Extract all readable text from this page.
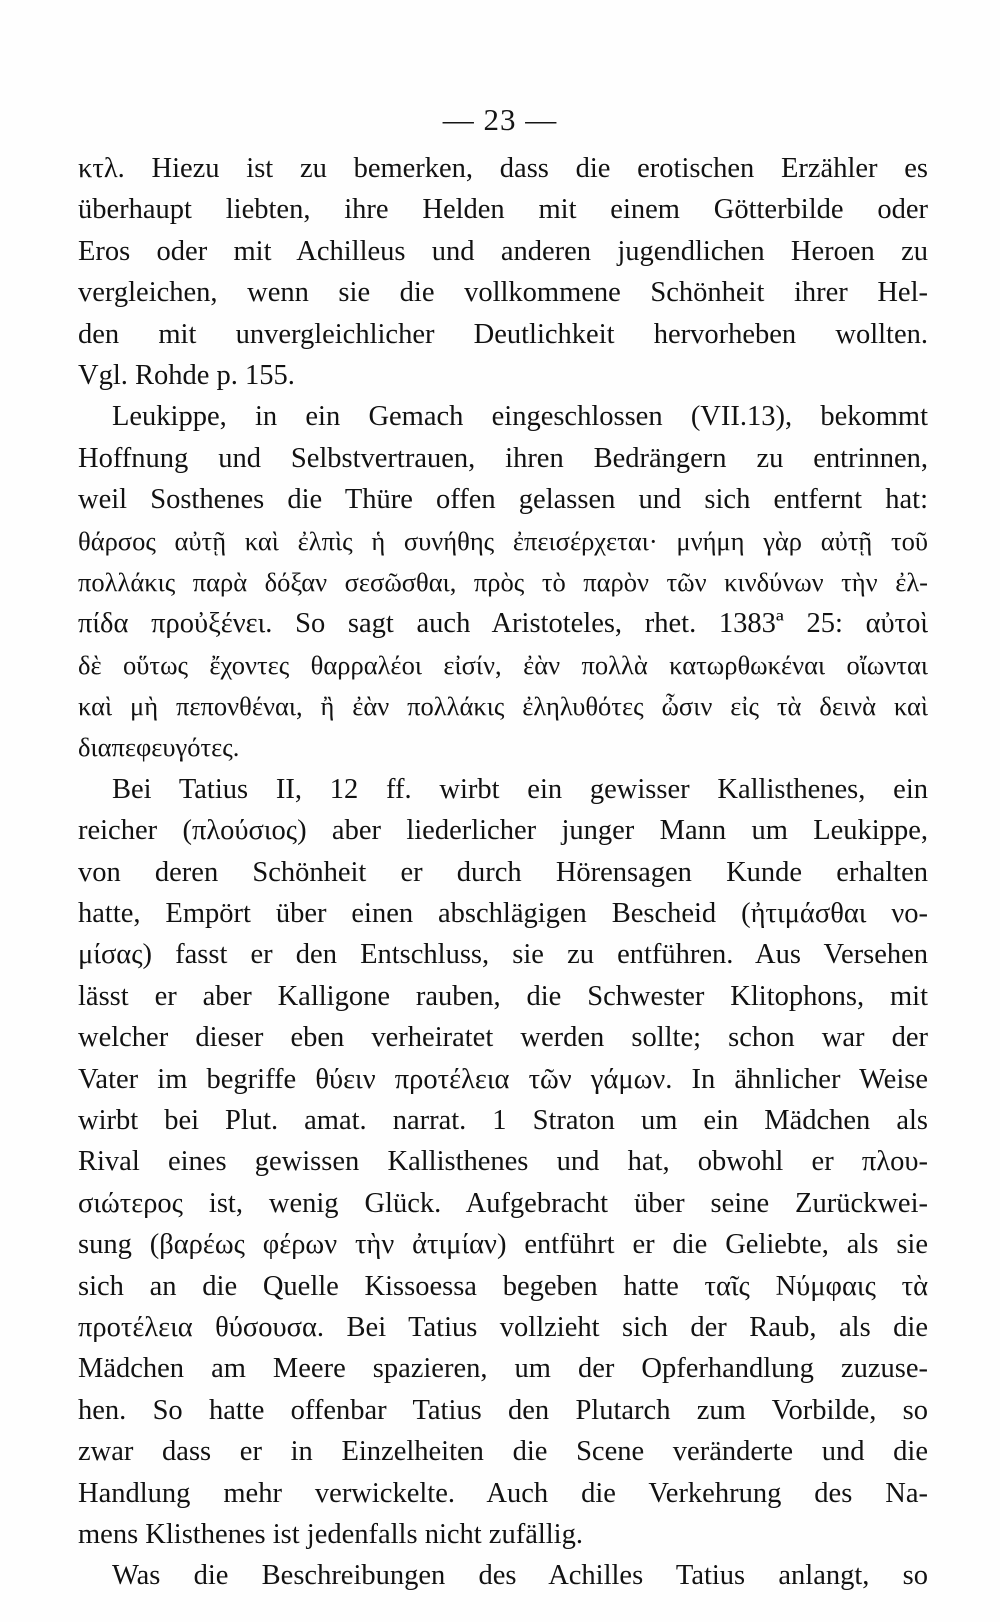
— 23 —
κτλ. Hiezu ist zu bemerken, dass die erotischen Erzähler es
überhaupt liebten, ihre Helden mit einem Götterbilde oder
Eros oder mit Achilleus und anderen jugendlichen Heroen zu
vergleichen, wenn sie die vollkommene Schönheit ihrer Hel-
den mit unvergleichlicher Deutlichkeit hervorheben wollten.
Vgl. Rohde p. 155.
Leukippe, in ein Gemach eingeschlossen (VII.13), bekommt
Hoffnung und Selbstvertrauen, ihren Bedrängern zu entrinnen,
weil Sosthenes die Thüre offen gelassen und sich entfernt hat:
θάρσος αὐτῇ καὶ ἐλπὶς ἡ συνήθης ἐπεισέρχεται· μνήμη γὰρ αὐτῇ τοῦ
πολλάκις παρὰ δόξαν σεσῶσθαι, πρὸς τὸ παρὸν τῶν κινδύνων τὴν ἐλ-
πίδα προὐξένει. So sagt auch Aristoteles, rhet. 1383ª 25: αὐτοὶ
δὲ οὕτως ἔχοντες θαρραλέοι εἰσίν, ἐὰν πολλὰ κατωρθωκέναι οἴωνται
καὶ μὴ πεπονθέναι, ἢ ἐὰν πολλάκις ἐληλυθότες ὦσιν εἰς τὰ δεινὰ καὶ
διαπεφευγότες.
Bei Tatius II, 12 ff. wirbt ein gewisser Kallisthenes, ein
reicher (πλούσιος) aber liederlicher junger Mann um Leukippe,
von deren Schönheit er durch Hörensagen Kunde erhalten
hatte, Empört über einen abschlägigen Bescheid (ἠτιμάσθαι νο-
μίσας) fasst er den Entschluss, sie zu entführen. Aus Versehen
lässt er aber Kalligone rauben, die Schwester Klitophons, mit
welcher dieser eben verheiratet werden sollte; schon war der
Vater im begriffe θύειν προτέλεια τῶν γάμων. In ähnlicher Weise
wirbt bei Plut. amat. narrat. 1 Straton um ein Mädchen als
Rival eines gewissen Kallisthenes und hat, obwohl er πλου-
σιώτερος ist, wenig Glück. Aufgebracht über seine Zurückwei-
sung (βαρέως φέρων τὴν ἀτιμίαν) entführt er die Geliebte, als sie
sich an die Quelle Kissoessa begeben hatte ταῖς Νύμφαις τὰ
προτέλεια θύσουσα. Bei Tatius vollzieht sich der Raub, als die
Mädchen am Meere spazieren, um der Opferhandlung zuzuse-
hen. So hatte offenbar Tatius den Plutarch zum Vorbilde, so
zwar dass er in Einzelheiten die Scene veränderte und die
Handlung mehr verwickelte. Auch die Verkehrung des Na-
mens Klisthenes ist jedenfalls nicht zufällig.
Was die Beschreibungen des Achilles Tatius anlangt, so
